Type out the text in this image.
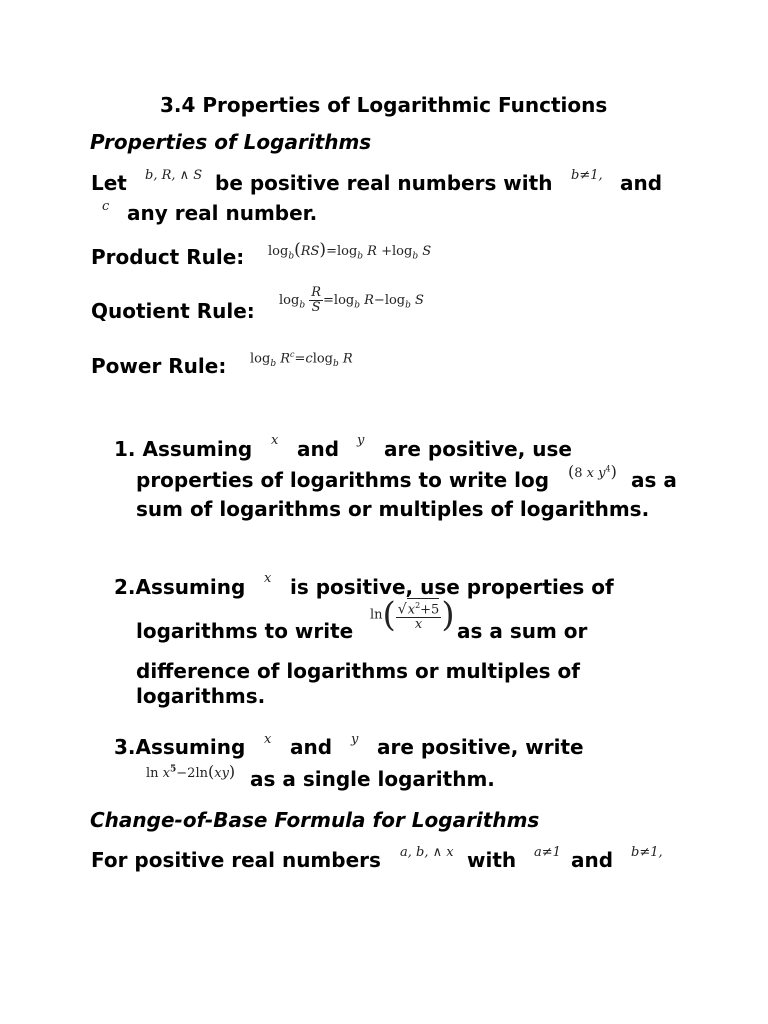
3.4 Properties of Logarithmic Functions
Properties of Logarithms
Let b, R, ∧ S be positive real numbers with b≠1, and
c any real number.
Product Rule: $\log_b(RS)=\log_b$ $R +\log_b$ S
Quotient Rule: $\log_b \frac{R}{S} =\log_b$ $R-\log_b$ S
Power Rule: $\log_b R^c=clog_b$ R
1. Assuming x and y are positive, use
properties of logarithms to write log (8 x $y^4$) as a
sum of logarithms or multiples of logarithms.
2.Assuming x is positive, use properties of
logarithms to write
$\ln( \frac{√x^2+5}{x}$ ) as a sum or
difference of logarithms or multiples of
logarithms.
3.Assuming x and y are positive, write
$\ln x^5-2\ln(xy)$ as a single logarithm.
Change-of-Base Formula for Logarithms
For positive real numbers a, b, ∧ x with a≠1 and b≠1,
